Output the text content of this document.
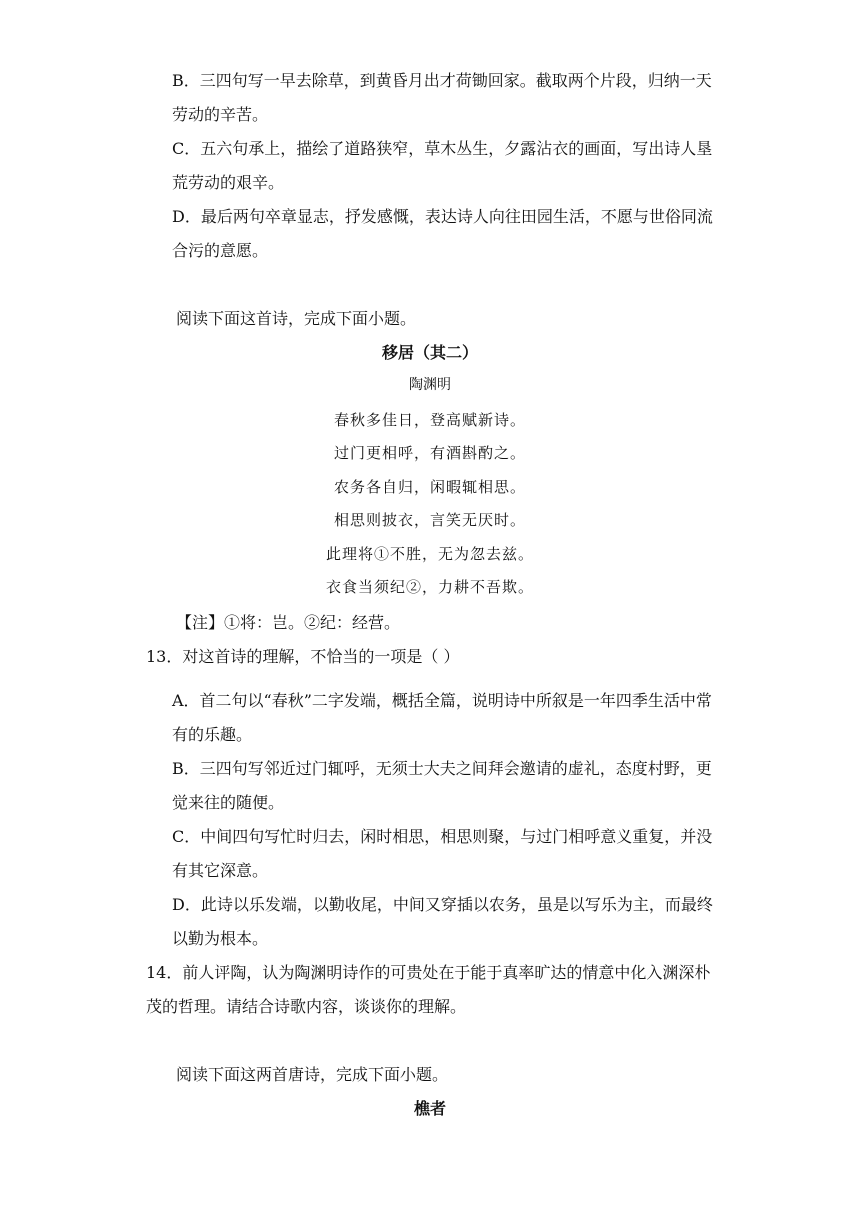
B．三四句写一早去除草，到黄昏月出才荷锄回家。截取两个片段，归纳一天劳动的辛苦。

C．五六句承上，描绘了道路狭窄，草木丛生，夕露沾衣的画面，写出诗人垦荒劳动的艰辛。

D．最后两句卒章显志，抒发感慨，表达诗人向往田园生活，不愿与世俗同流合污的意愿。

阅读下面这首诗，完成下面小题。

移居（其二）

陶渊明

春秋多佳日，登高赋新诗。

过门更相呼，有酒斟酌之。

农务各自归，闲暇辄相思。

相思则披衣，言笑无厌时。

此理将①不胜，无为忽去兹。

衣食当须纪②，力耕不吾欺。

【注】①将：岂。②纪：经营。

13．对这首诗的理解，不恰当的一项是（ ）

A．首二句以“春秋”二字发端，概括全篇，说明诗中所叙是一年四季生活中常有的乐趣。

B．三四句写邻近过门辄呼，无须士大夫之间拜会邀请的虚礼，态度村野，更觉来往的随便。

C．中间四句写忙时归去，闲时相思，相思则聚，与过门相呼意义重复，并没有其它深意。

D．此诗以乐发端，以勤收尾，中间又穿插以农务，虽是以写乐为主，而最终以勤为根本。

14．前人评陶，认为陶渊明诗作的可贵处在于能于真率旷达的情意中化入渊深朴茂的哲理。请结合诗歌内容，谈谈你的理解。

阅读下面这两首唐诗，完成下面小题。

樵者
